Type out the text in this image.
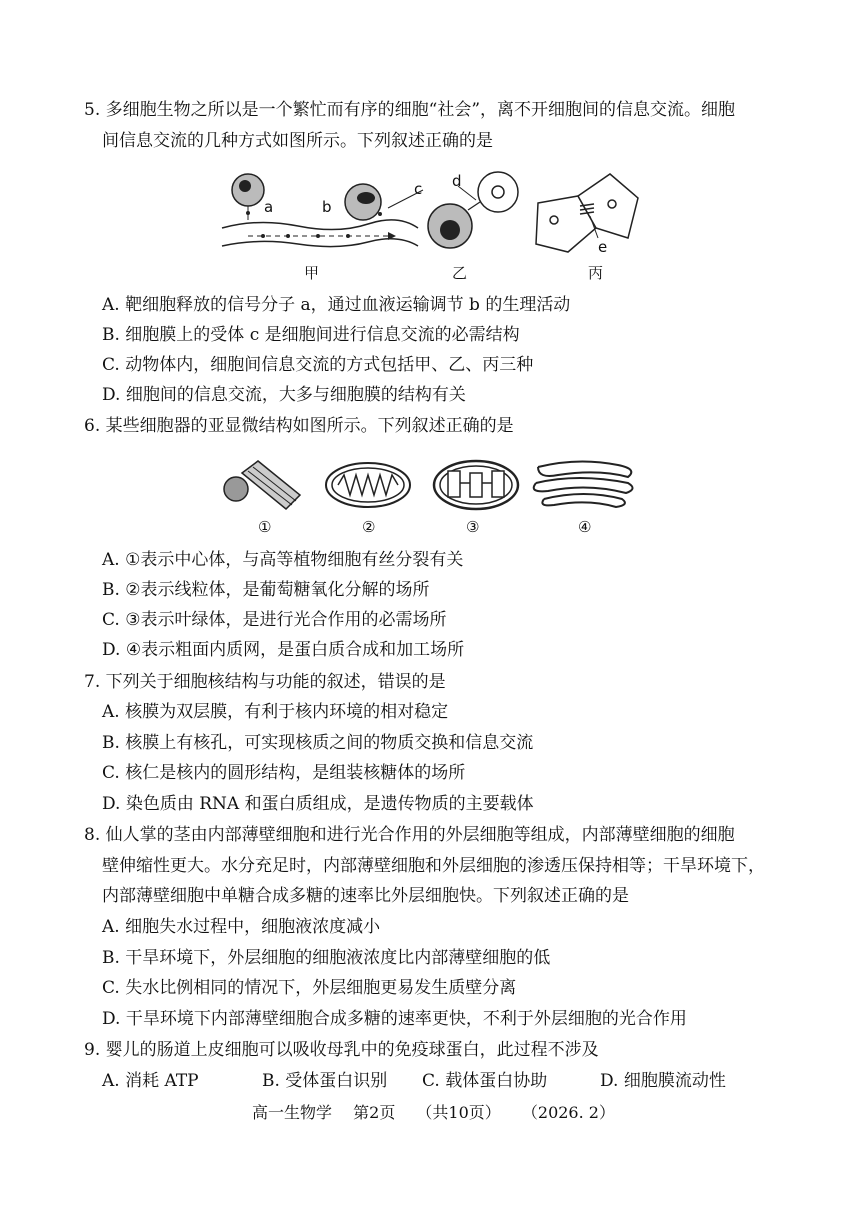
5. 多细胞生物之所以是一个繁忙而有序的细胞“社会”，离不开细胞间的信息交流。细胞
间信息交流的几种方式如图所示。下列叙述正确的是
a	b
c d
e
甲	乙	丙
A. 靶细胞释放的信号分子 a，通过血液运输调节 b 的生理活动
B. 细胞膜上的受体 c 是细胞间进行信息交流的必需结构
C. 动物体内，细胞间信息交流的方式包括甲、乙、丙三种
D. 细胞间的信息交流，大多与细胞膜的结构有关
6. 某些细胞器的亚显微结构如图所示。下列叙述正确的是
①	②	③	④
A. ①表示中心体，与高等植物细胞有丝分裂有关
B. ②表示线粒体，是葡萄糖氧化分解的场所
C. ③表示叶绿体，是进行光合作用的必需场所
D. ④表示粗面内质网，是蛋白质合成和加工场所
7. 下列关于细胞核结构与功能的叙述，错误的是
A. 核膜为双层膜，有利于核内环境的相对稳定
B. 核膜上有核孔，可实现核质之间的物质交换和信息交流
C. 核仁是核内的圆形结构，是组装核糖体的场所
D. 染色质由 RNA 和蛋白质组成，是遗传物质的主要载体
8. 仙人掌的茎由内部薄壁细胞和进行光合作用的外层细胞等组成，内部薄壁细胞的细胞
壁伸缩性更大。水分充足时，内部薄壁细胞和外层细胞的渗透压保持相等；干旱环境下，
内部薄壁细胞中单糖合成多糖的速率比外层细胞快。下列叙述正确的是
A. 细胞失水过程中，细胞液浓度减小
B. 干旱环境下，外层细胞的细胞液浓度比内部薄壁细胞的低
C. 失水比例相同的情况下，外层细胞更易发生质壁分离
D. 干旱环境下内部薄壁细胞合成多糖的速率更快，不利于外层细胞的光合作用
9. 婴儿的肠道上皮细胞可以吸收母乳中的免疫球蛋白，此过程不涉及
A. 消耗 ATP	B. 受体蛋白识别 C. 载体蛋白协助	D. 细胞膜流动性
高一生物学 第2页 （共10页） （2026. 2）
